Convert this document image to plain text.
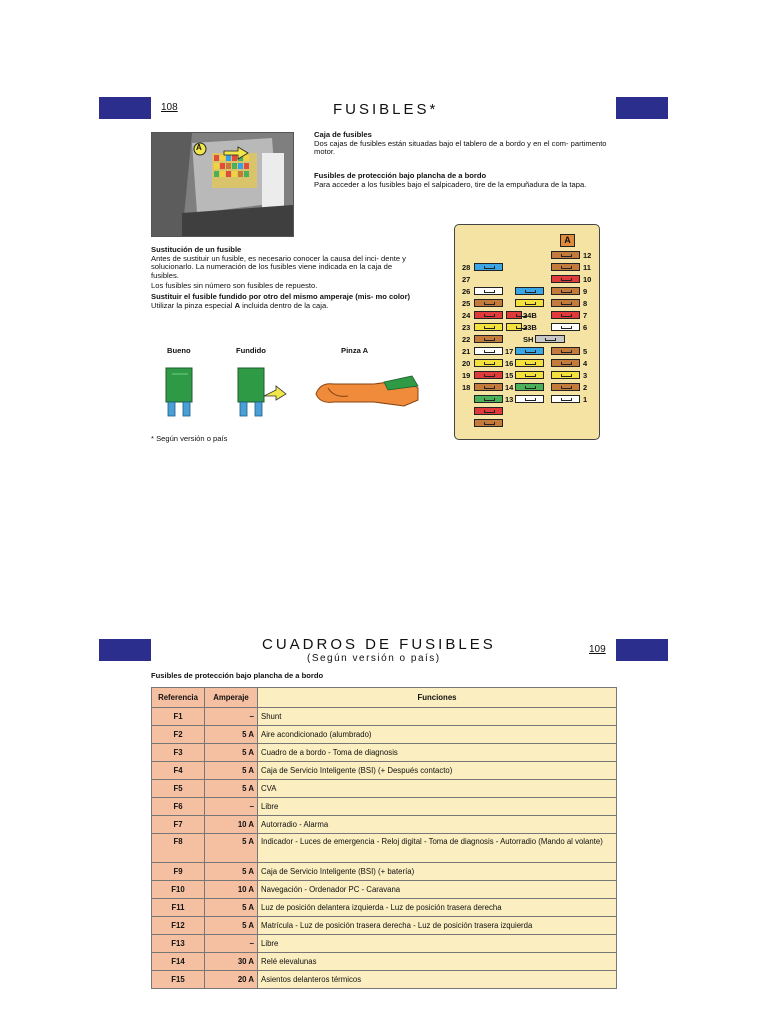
108	FUSIBLES*
A
Caja de fusibles
Dos cajas de fusibles están situadas bajo el tablero de a bordo y en el com- partimento motor.
Fusibles de protección bajo plancha de a bordo
Para acceder a los fusibles bajo el salpicadero, tire de la empuñadura de la tapa.
Sustitución de un fusible
Antes de sustituir un fusible, es necesario conocer la causa del inci- dente y solucionarlo. La numeración de los fusibles viene indicada en la caja de fusibles.
Los fusibles sin número son fusibles de repuesto.
Sustituir el fusible fundido por otro del mismo amperaje (mis- mo color)
Utilizar la pinza especial A incluida dentro de la caja.
Bueno	Fundido	Pinza A
* Según versión o país
A
12
11
10
9
8
7
6
5
4
3
2
1
28
27
26
25
24
23
22
21
20
19
18
24B
23B
SH
17
16
15
14
13
CUADROS DE FUSIBLES
(Según versión o país)
109
Fusibles de protección bajo plancha de a bordo
Referencia	Amperaje	Funciones
F1	–	Shunt
F2	5 A	Aire acondicionado (alumbrado)
F3	5 A	Cuadro de a bordo - Toma de diagnosis
F4	5 A	Caja de Servicio Inteligente (BSI) (+ Después contacto)
F5	5 A	CVA
F6	–	Libre
F7	10 A	Autorradio - Alarma
F8	5 A	Indicador - Luces de emergencia - Reloj digital - Toma de diagnosis - Autorradio (Mando al volante)
F9	5 A	Caja de Servicio Inteligente (BSI) (+ batería)
F10	10 A	Navegación - Ordenador PC - Caravana
F11	5 A	Luz de posición delantera izquierda - Luz de posición trasera derecha
F12	5 A	Matrícula - Luz de posición trasera derecha - Luz de posición trasera izquierda
F13	–	Libre
F14	30 A	Relé elevalunas
F15	20 A	Asientos delanteros térmicos
